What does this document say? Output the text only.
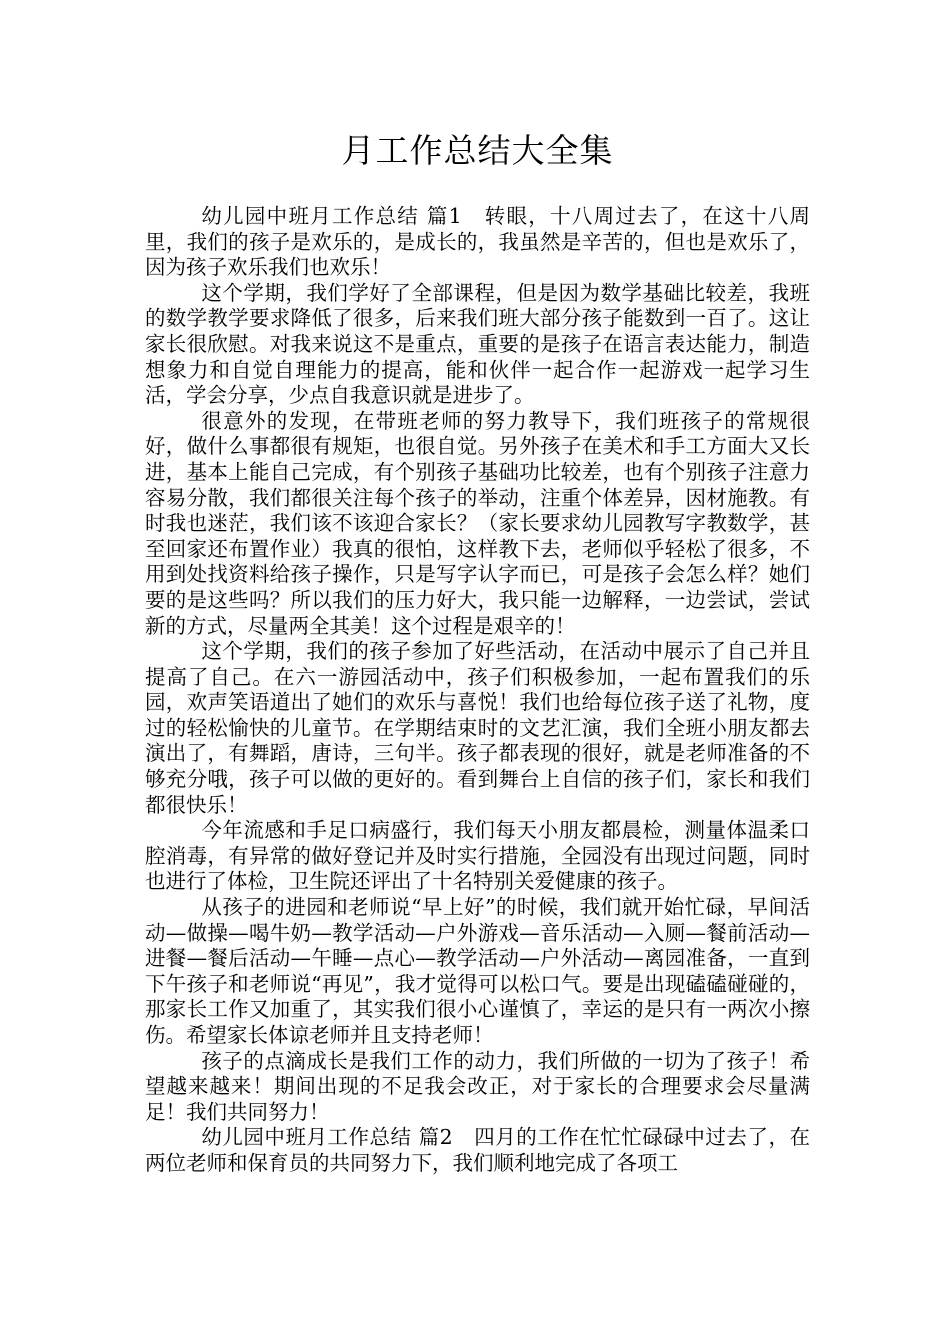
月工作总结大全集

幼儿园中班月工作总结 篇1　转眼，十八周过去了，在这十八周里，我们的孩子是欢乐的，是成长的，我虽然是辛苦的，但也是欢乐了，因为孩子欢乐我们也欢乐！

这个学期，我们学好了全部课程，但是因为数学基础比较差，我班的数学教学要求降低了很多，后来我们班大部分孩子能数到一百了。这让家长很欣慰。对我来说这不是重点，重要的是孩子在语言表达能力，制造想象力和自觉自理能力的提高，能和伙伴一起合作一起游戏一起学习生活，学会分享，少点自我意识就是进步了。

很意外的发现，在带班老师的努力教导下，我们班孩子的常规很好，做什么事都很有规矩，也很自觉。另外孩子在美术和手工方面大又长进，基本上能自己完成，有个别孩子基础功比较差，也有个别孩子注意力容易分散，我们都很关注每个孩子的举动，注重个体差异，因材施教。有时我也迷茫，我们该不该迎合家长？（家长要求幼儿园教写字教数学，甚至回家还布置作业）我真的很怕，这样教下去，老师似乎轻松了很多，不用到处找资料给孩子操作，只是写字认字而已，可是孩子会怎么样？她们要的是这些吗？所以我们的压力好大，我只能一边解释，一边尝试，尝试新的方式，尽量两全其美！这个过程是艰辛的！

这个学期，我们的孩子参加了好些活动，在活动中展示了自己并且提高了自己。在六一游园活动中，孩子们积极参加，一起布置我们的乐园，欢声笑语道出了她们的欢乐与喜悦！我们也给每位孩子送了礼物，度过的轻松愉快的儿童节。在学期结束时的文艺汇演，我们全班小朋友都去演出了，有舞蹈，唐诗，三句半。孩子都表现的很好，就是老师准备的不够充分哦，孩子可以做的更好的。看到舞台上自信的孩子们，家长和我们都很快乐！

今年流感和手足口病盛行，我们每天小朋友都晨检，测量体温柔口腔消毒，有异常的做好登记并及时实行措施，全园没有出现过问题，同时也进行了体检，卫生院还评出了十名特别关爱健康的孩子。

从孩子的进园和老师说“早上好”的时候，我们就开始忙碌，早间活动—做操—喝牛奶—教学活动—户外游戏—音乐活动—入厕—餐前活动—进餐—餐后活动—午睡—点心—教学活动—户外活动—离园准备，一直到下午孩子和老师说“再见”，我才觉得可以松口气。要是出现磕磕碰碰的，那家长工作又加重了，其实我们很小心谨慎了，幸运的是只有一两次小擦伤。希望家长体谅老师并且支持老师！

孩子的点滴成长是我们工作的动力，我们所做的一切为了孩子！希望越来越来！期间出现的不足我会改正，对于家长的合理要求会尽量满足！我们共同努力！

幼儿园中班月工作总结 篇2　四月的工作在忙忙碌碌中过去了，在两位老师和保育员的共同努力下，我们顺利地完成了各项工
